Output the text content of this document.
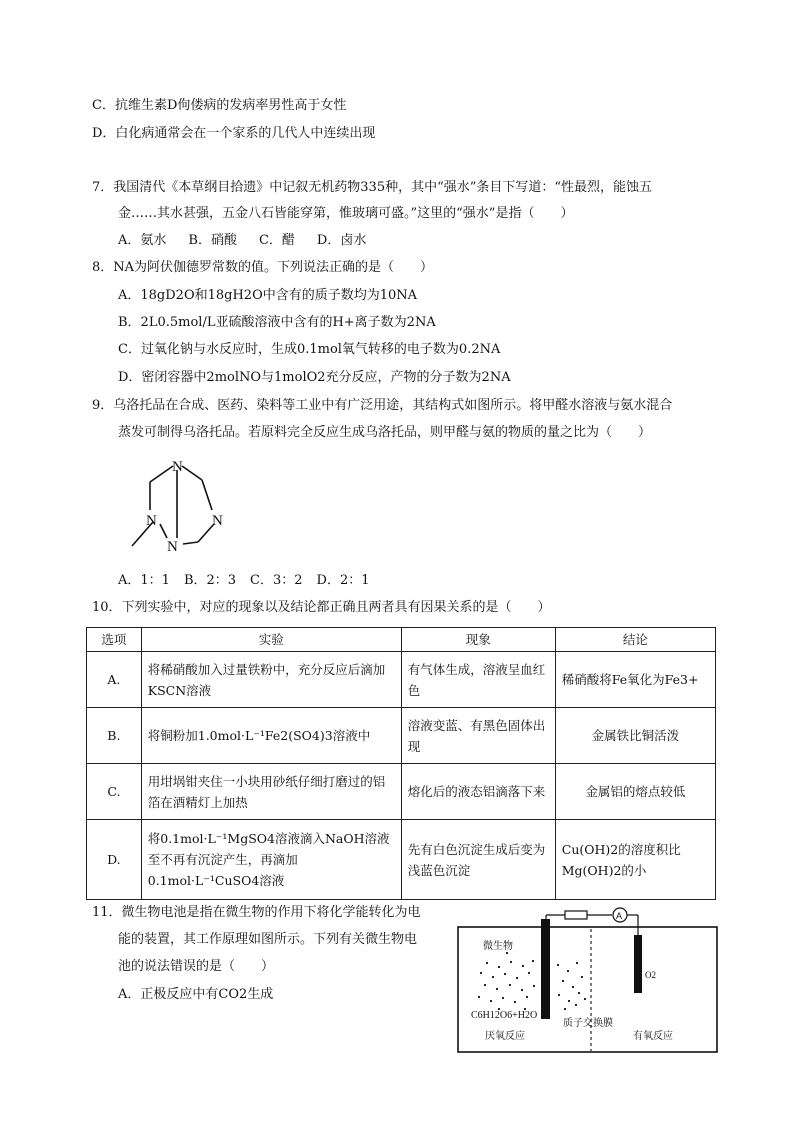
C．抗维生素D佝偻病的发病率男性高于女性
D．白化病通常会在一个家系的几代人中连续出现
7．我国清代《本草纲目拾遗》中记叙无机药物335种，其中“强水”条目下写道：“性最烈，能蚀五
金……其水甚强，五金八石皆能穿第，惟玻璃可盛。”这里的“强水”是指（　　）
A．氨水 B．硝酸 C．醋 D．卤水
8．NA为阿伏伽德罗常数的值。下列说法正确的是（　　）
A．18gD2O和18gH2O中含有的质子数均为10NA
B．2L0.5mol/L亚硫酸溶液中含有的H+离子数为2NA
C．过氧化钠与水反应时，生成0.1mol氧气转移的电子数为0.2NA
D．密闭容器中2molNO与1molO2充分反应，产物的分子数为2NA
9．乌洛托品在合成、医药、染料等工业中有广泛用途，其结构式如图所示。将甲醛水溶液与氨水混合
蒸发可制得乌洛托品。若原料完全反应生成乌洛托品，则甲醛与氨的物质的量之比为（　　）
N
N	N
N
A．1：1 B．2：3 C．3：2 D．2：1
10．下列实验中，对应的现象以及结论都正确且两者具有因果关系的是（　　）
选项	实验	现象	结论
A.	将稀硝酸加入过量铁粉中，充分反应后滴加KSCN溶液	有气体生成，溶液呈血红色	稀硝酸将Fe氧化为Fe3+
B.	将铜粉加1.0mol·L⁻¹Fe2(SO4)3溶液中	溶液变蓝、有黑色固体出现	金属铁比铜活泼
C.	用坩埚钳夹住一小块用砂纸仔细打磨过的铝箔在酒精灯上加热	熔化后的液态铝滴落下来	金属铝的熔点较低
D.	将0.1mol·L⁻¹MgSO4溶液滴入NaOH溶液至不再有沉淀产生，再滴加0.1mol·L⁻¹CuSO4溶液	先有白色沉淀生成后变为浅蓝色沉淀	Cu(OH)2的溶度积比Mg(OH)2的小
11．微生物电池是指在微生物的作用下将化学能转化为电
能的装置，其工作原理如图所示。下列有关微生物电
池的说法错误的是（　　）
A．正极反应中有CO2生成
A
微生物
C6H12O6+H2O
O2
质子交换膜
厌氧反应	有氧反应
